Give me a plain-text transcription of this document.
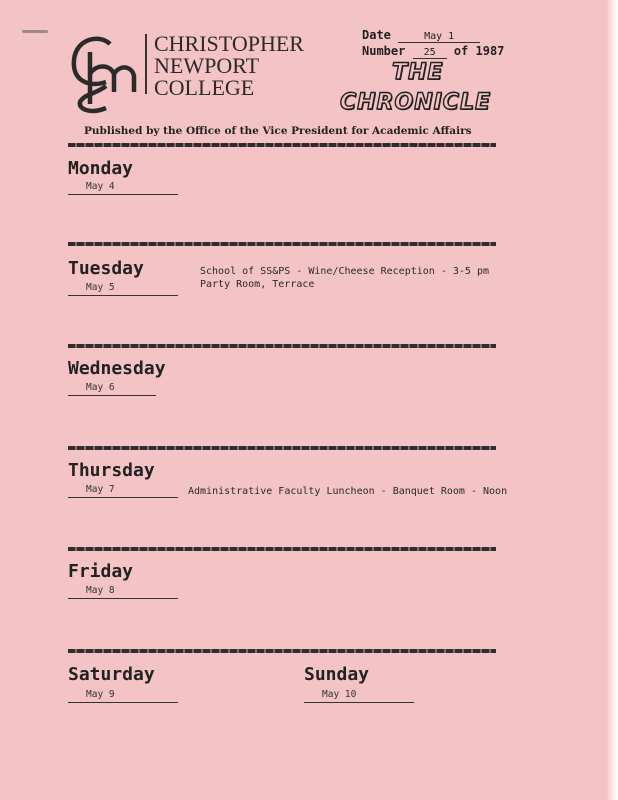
CHRISTOPHER
NEWPORT
COLLEGE
Date	May 1
Number 25 of 1987
THE
CHRONICLE
Published by the Office of the Vice President for Academic Affairs
Monday
May 4
Tuesday
May 5
School of SS&PS - Wine/Cheese Reception - 3-5 pm
Party Room, Terrace
Wednesday
May 6
Thursday
May 7	Administrative Faculty Luncheon - Banquet Room - Noon
Friday
May 8
Saturday
May 9
Sunday
May 10
